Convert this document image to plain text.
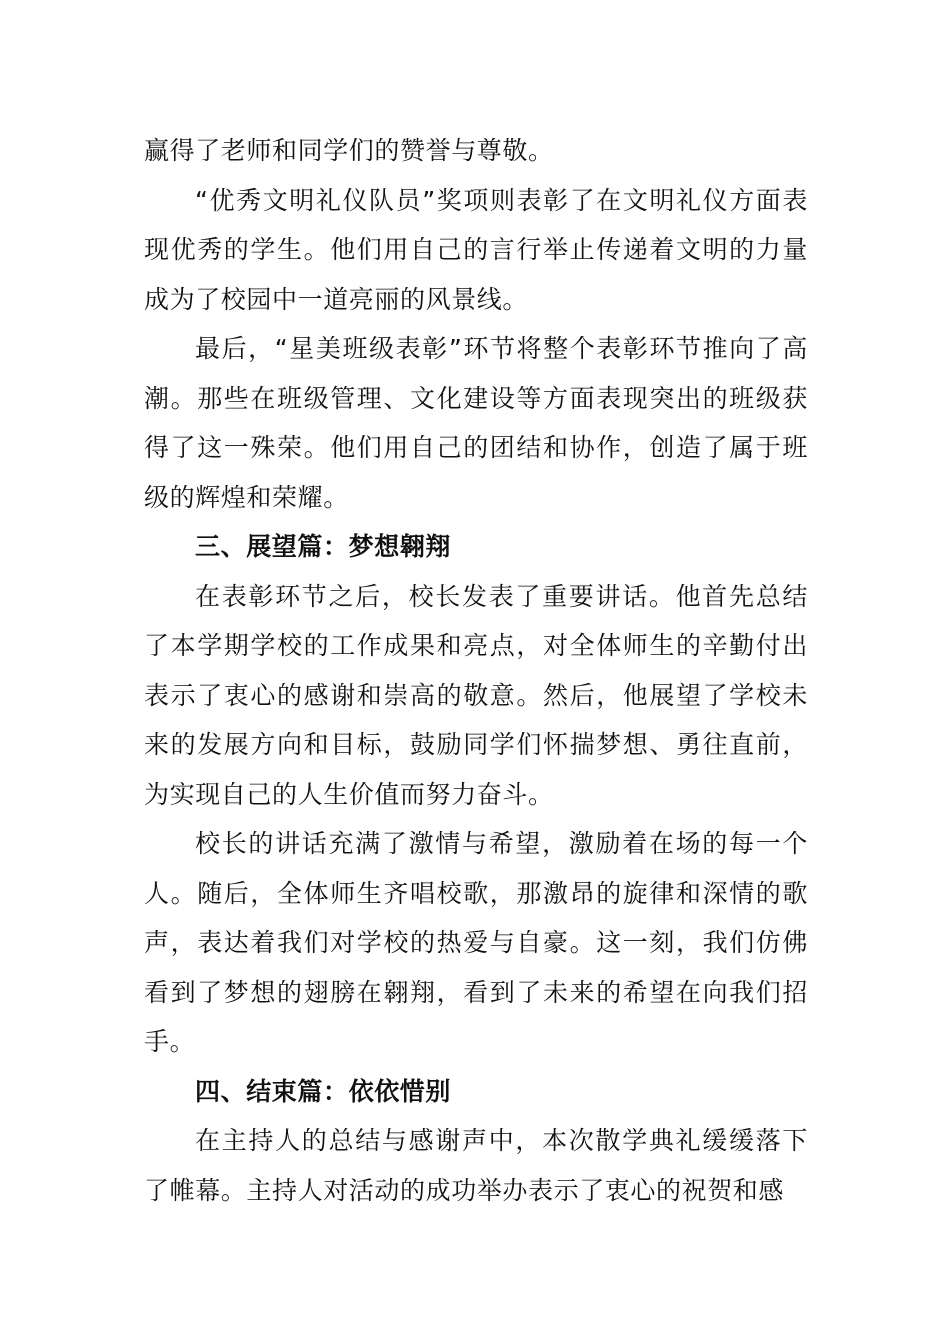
赢得了老师和同学们的赞誉与尊敬。

“优秀文明礼仪队员”奖项则表彰了在文明礼仪方面表现优秀的学生。他们用自己的言行举止传递着文明的力量成为了校园中一道亮丽的风景线。

最后，“星美班级表彰”环节将整个表彰环节推向了高潮。那些在班级管理、文化建设等方面表现突出的班级获得了这一殊荣。他们用自己的团结和协作，创造了属于班级的辉煌和荣耀。

三、展望篇：梦想翱翔

在表彰环节之后，校长发表了重要讲话。他首先总结了本学期学校的工作成果和亮点，对全体师生的辛勤付出表示了衷心的感谢和崇高的敬意。然后，他展望了学校未来的发展方向和目标，鼓励同学们怀揣梦想、勇往直前，为实现自己的人生价值而努力奋斗。

校长的讲话充满了激情与希望，激励着在场的每一个人。随后，全体师生齐唱校歌，那激昂的旋律和深情的歌声，表达着我们对学校的热爱与自豪。这一刻，我们仿佛看到了梦想的翅膀在翱翔，看到了未来的希望在向我们招手。

四、结束篇：依依惜别

在主持人的总结与感谢声中，本次散学典礼缓缓落下了帷幕。主持人对活动的成功举办表示了衷心的祝贺和感
